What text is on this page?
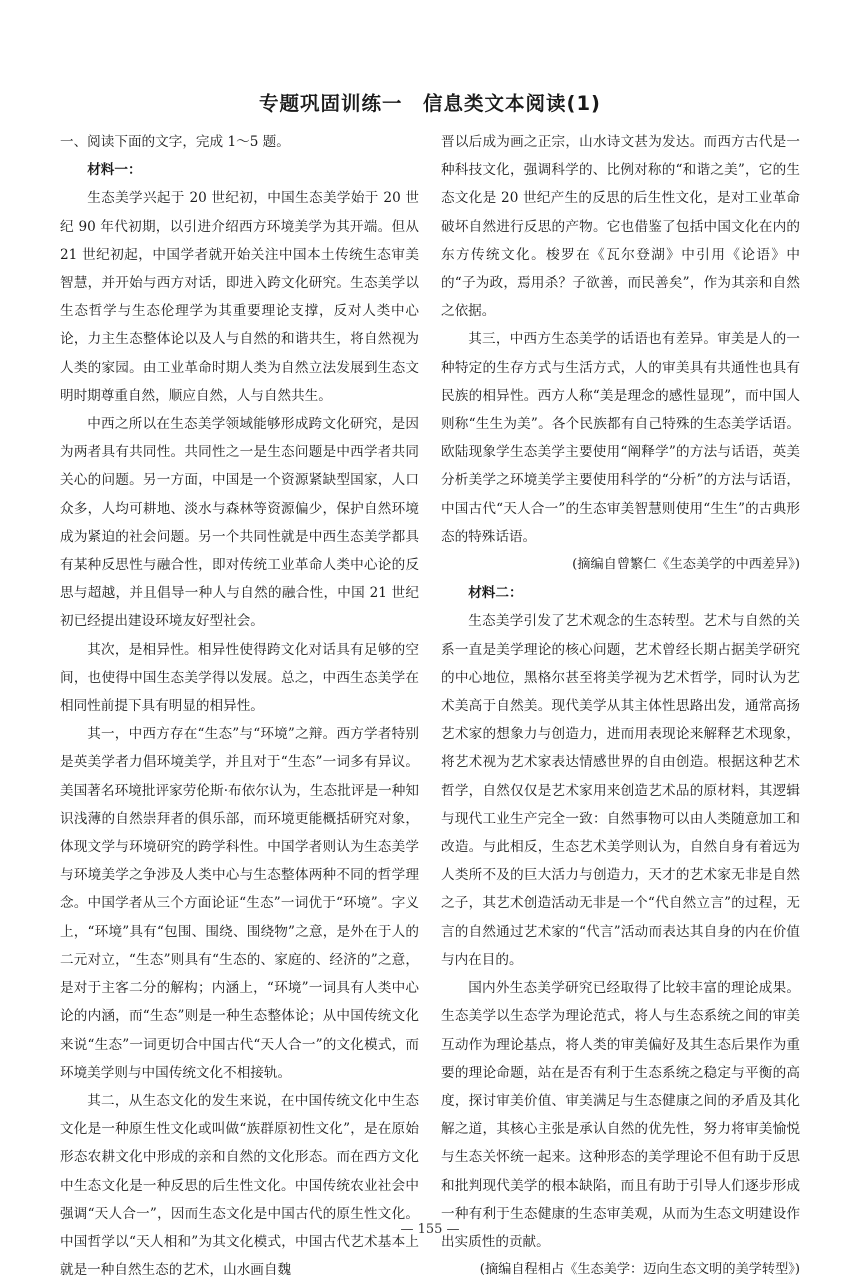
专题巩固训练一　信息类文本阅读(1)

一、阅读下面的文字，完成 1～5 题。

材料一：

生态美学兴起于 20 世纪初，中国生态美学始于 20 世纪 90 年代初期，以引进介绍西方环境美学为其开端。但从21 世纪初起，中国学者就开始关注中国本土传统生态审美智慧，并开始与西方对话，即进入跨文化研究。生态美学以生态哲学与生态伦理学为其重要理论支撑，反对人类中心论，力主生态整体论以及人与自然的和谐共生，将自然视为人类的家园。由工业革命时期人类为自然立法发展到生态文明时期尊重自然，顺应自然，人与自然共生。

中西之所以在生态美学领域能够形成跨文化研究，是因为两者具有共同性。共同性之一是生态问题是中西学者共同关心的问题。另一方面，中国是一个资源紧缺型国家，人口众多，人均可耕地、淡水与森林等资源偏少，保护自然环境成为紧迫的社会问题。另一个共同性就是中西生态美学都具有某种反思性与融合性，即对传统工业革命人类中心论的反思与超越，并且倡导一种人与自然的融合性，中国 21 世纪初已经提出建设环境友好型社会。

其次，是相异性。相异性使得跨文化对话具有足够的空间，也使得中国生态美学得以发展。总之，中西生态美学在相同性前提下具有明显的相异性。

其一，中西方存在“生态”与“环境”之辩。西方学者特别是英美学者力倡环境美学，并且对于“生态”一词多有异议。美国著名环境批评家劳伦斯·布依尔认为，生态批评是一种知识浅薄的自然崇拜者的俱乐部，而环境更能概括研究对象，体现文学与环境研究的跨学科性。中国学者则认为生态美学与环境美学之争涉及人类中心与生态整体两种不同的哲学理念。中国学者从三个方面论证“生态”一词优于“环境”。字义上，“环境”具有“包围、围绕、围绕物”之意，是外在于人的二元对立，“生态”则具有“生态的、家庭的、经济的”之意，是对于主客二分的解构；内涵上，“环境”一词具有人类中心论的内涵，而“生态”则是一种生态整体论；从中国传统文化来说“生态”一词更切合中国古代“天人合一”的文化模式，而环境美学则与中国传统文化不相接轨。

其二，从生态文化的发生来说，在中国传统文化中生态文化是一种原生性文化或叫做“族群原初性文化”，是在原始形态农耕文化中形成的亲和自然的文化形态。而在西方文化中生态文化是一种反思的后生性文化。中国传统农业社会中强调“天人合一”，因而生态文化是中国古代的原生性文化。中国哲学以“天人相和”为其文化模式，中国古代艺术基本上就是一种自然生态的艺术，山水画自魏

晋以后成为画之正宗，山水诗文甚为发达。而西方古代是一种科技文化，强调科学的、比例对称的“和谐之美”，它的生态文化是 20 世纪产生的反思的后生性文化，是对工业革命破坏自然进行反思的产物。它也借鉴了包括中国文化在内的东方传统文化。梭罗在《瓦尔登湖》中引用《论语》中的“子为政，焉用杀？子欲善，而民善矣”，作为其亲和自然之依据。

其三，中西方生态美学的话语也有差异。审美是人的一种特定的生存方式与生活方式，人的审美具有共通性也具有民族的相异性。西方人称“美是理念的感性显现”，而中国人则称“生生为美”。各个民族都有自己特殊的生态美学话语。欧陆现象学生态美学主要使用“阐释学”的方法与话语，英美分析美学之环境美学主要使用科学的“分析”的方法与话语，中国古代“天人合一”的生态审美智慧则使用“生生”的古典形态的特殊话语。

(摘编自曾繁仁《生态美学的中西差异》)
材料二：

生态美学引发了艺术观念的生态转型。艺术与自然的关系一直是美学理论的核心问题，艺术曾经长期占据美学研究的中心地位，黑格尔甚至将美学视为艺术哲学，同时认为艺术美高于自然美。现代美学从其主体性思路出发，通常高扬艺术家的想象力与创造力，进而用表现论来解释艺术现象，将艺术视为艺术家表达情感世界的自由创造。根据这种艺术哲学，自然仅仅是艺术家用来创造艺术品的原材料，其逻辑与现代工业生产完全一致：自然事物可以由人类随意加工和改造。与此相反，生态艺术美学则认为，自然自身有着远为人类所不及的巨大活力与创造力，天才的艺术家无非是自然之子，其艺术创造活动无非是一个“代自然立言”的过程，无言的自然通过艺术家的“代言”活动而表达其自身的内在价值与内在目的。

国内外生态美学研究已经取得了比较丰富的理论成果。生态美学以生态学为理论范式，将人与生态系统之间的审美互动作为理论基点，将人类的审美偏好及其生态后果作为重要的理论命题，站在是否有利于生态系统之稳定与平衡的高度，探讨审美价值、审美满足与生态健康之间的矛盾及其化解之道，其核心主张是承认自然的优先性，努力将审美愉悦与生态关怀统一起来。这种形态的美学理论不但有助于反思和批判现代美学的根本缺陷，而且有助于引导人们逐步形成一种有利于生态健康的生态审美观，从而为生态文明建设作出实质性的贡献。

(摘编自程相占《生态美学：迈向生态文明的美学转型》)
— 155 —
